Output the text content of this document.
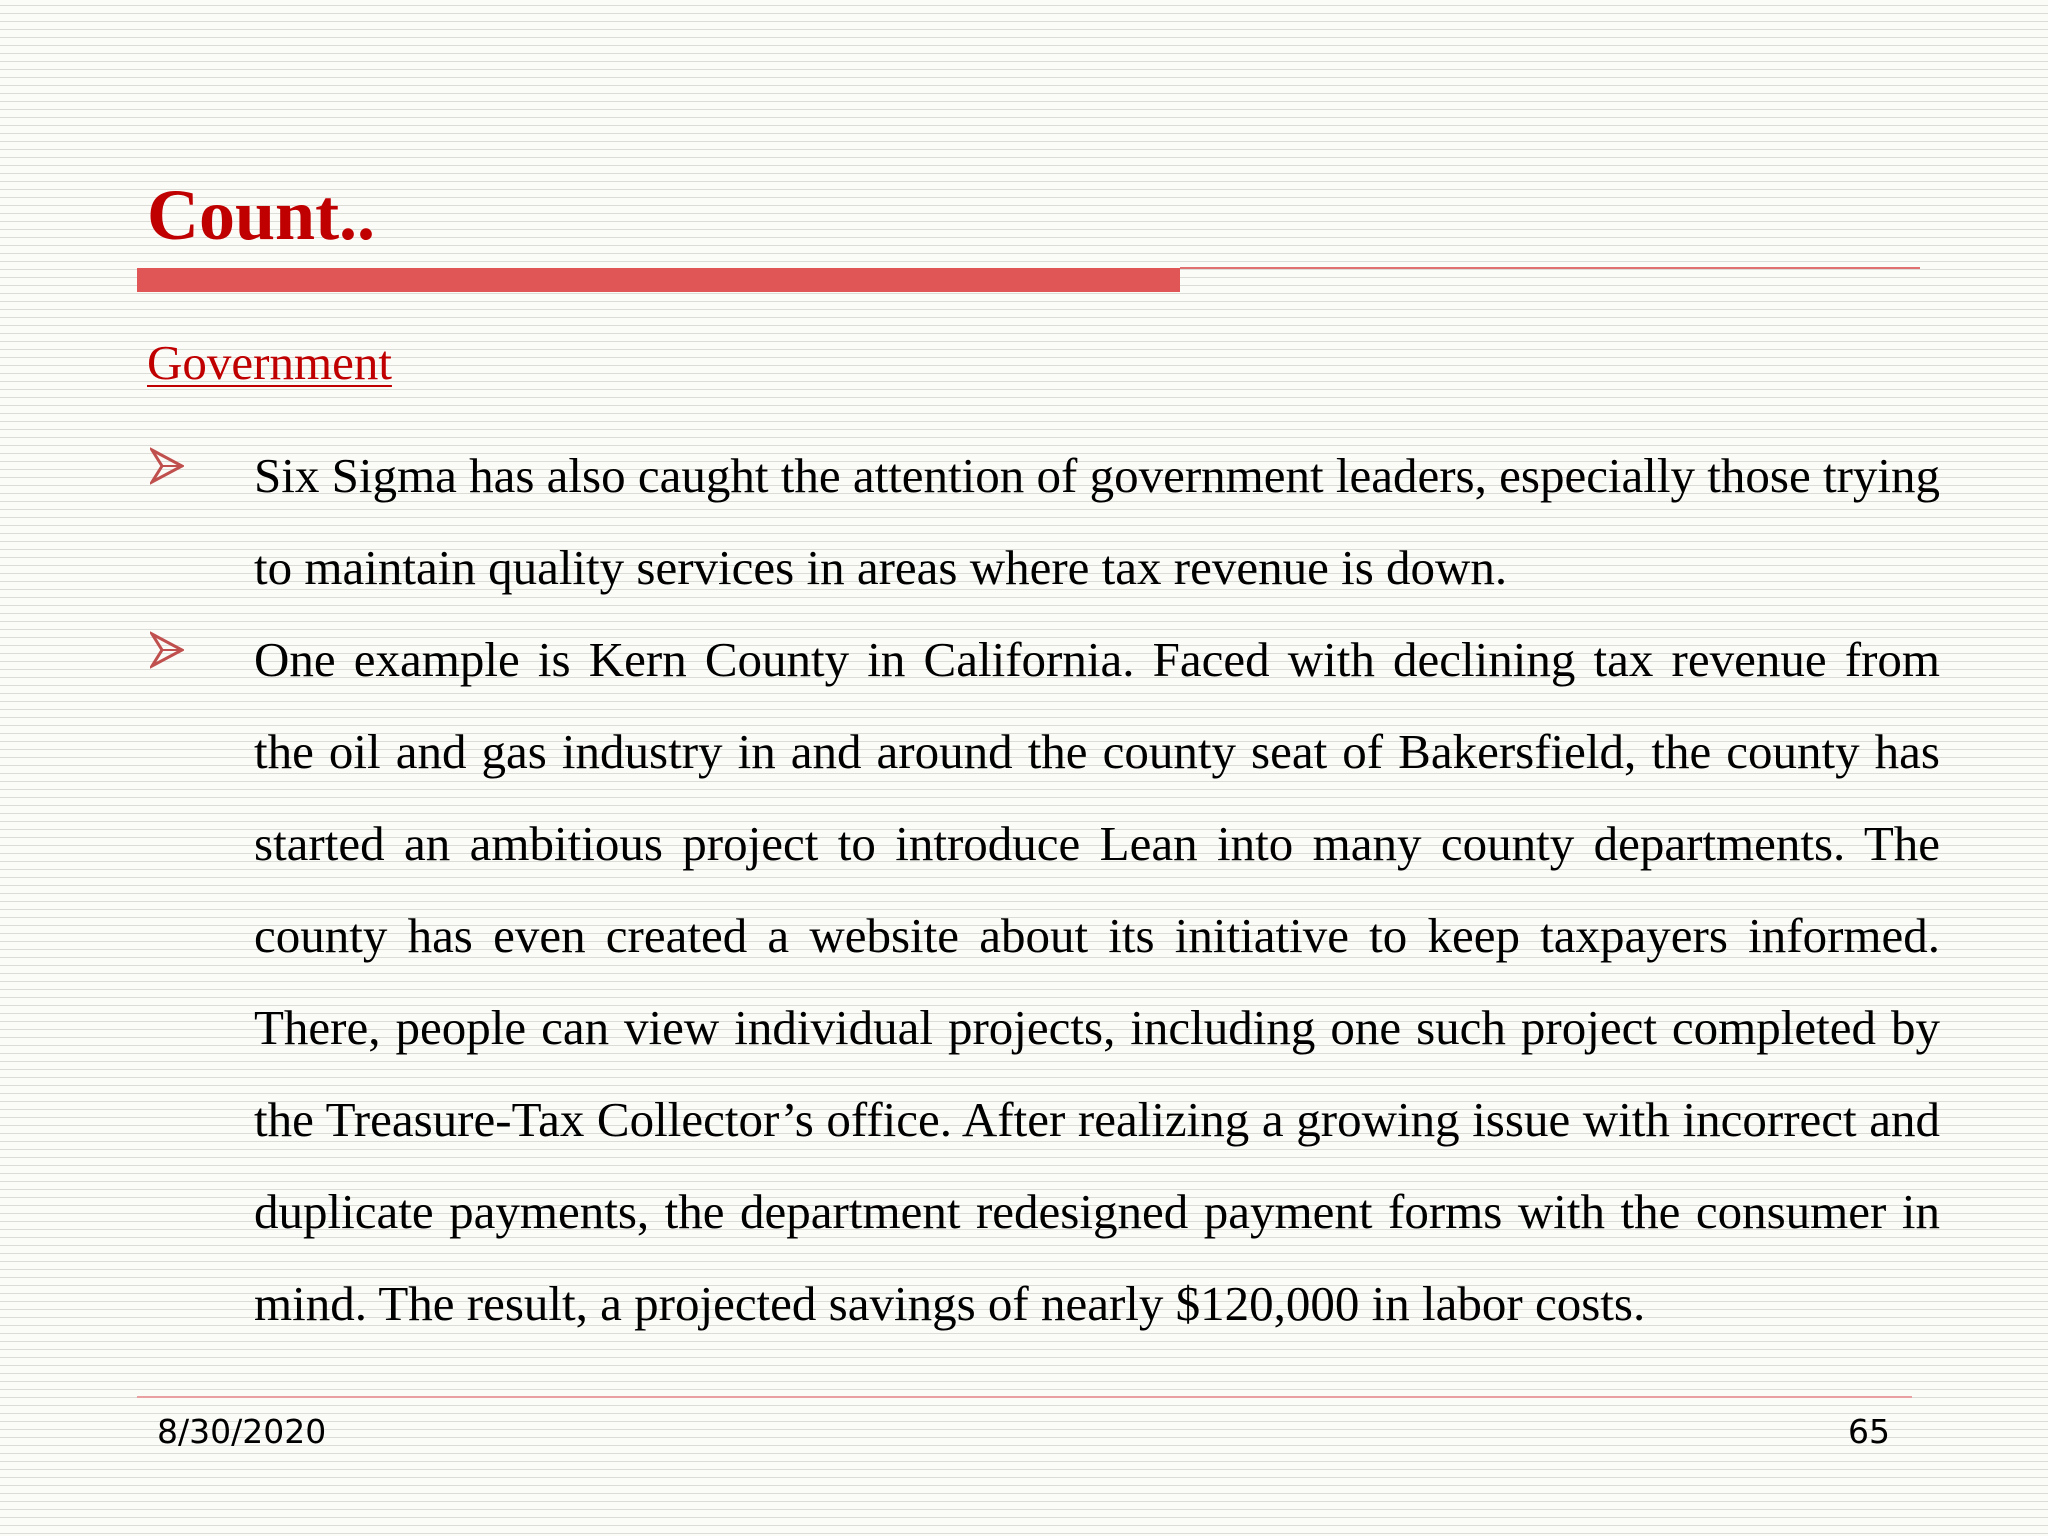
Count..
Government
Six Sigma has also caught the attention of government leaders, especially those trying to maintain quality services in areas where tax revenue is down.
One example is Kern County in California. Faced with declining tax revenue from the oil and gas industry in and around the county seat of Bakersfield, the county has started an ambitious project to introduce Lean into many county departments. The county has even created a website about its initiative to keep taxpayers informed. There, people can view individual projects, including one such project completed by the Treasure-Tax Collector’s office. After realizing a growing issue with incorrect and duplicate payments, the department redesigned payment forms with the consumer in mind. The result, a projected savings of nearly $120,000 in labor costs.
8/30/2020	65
